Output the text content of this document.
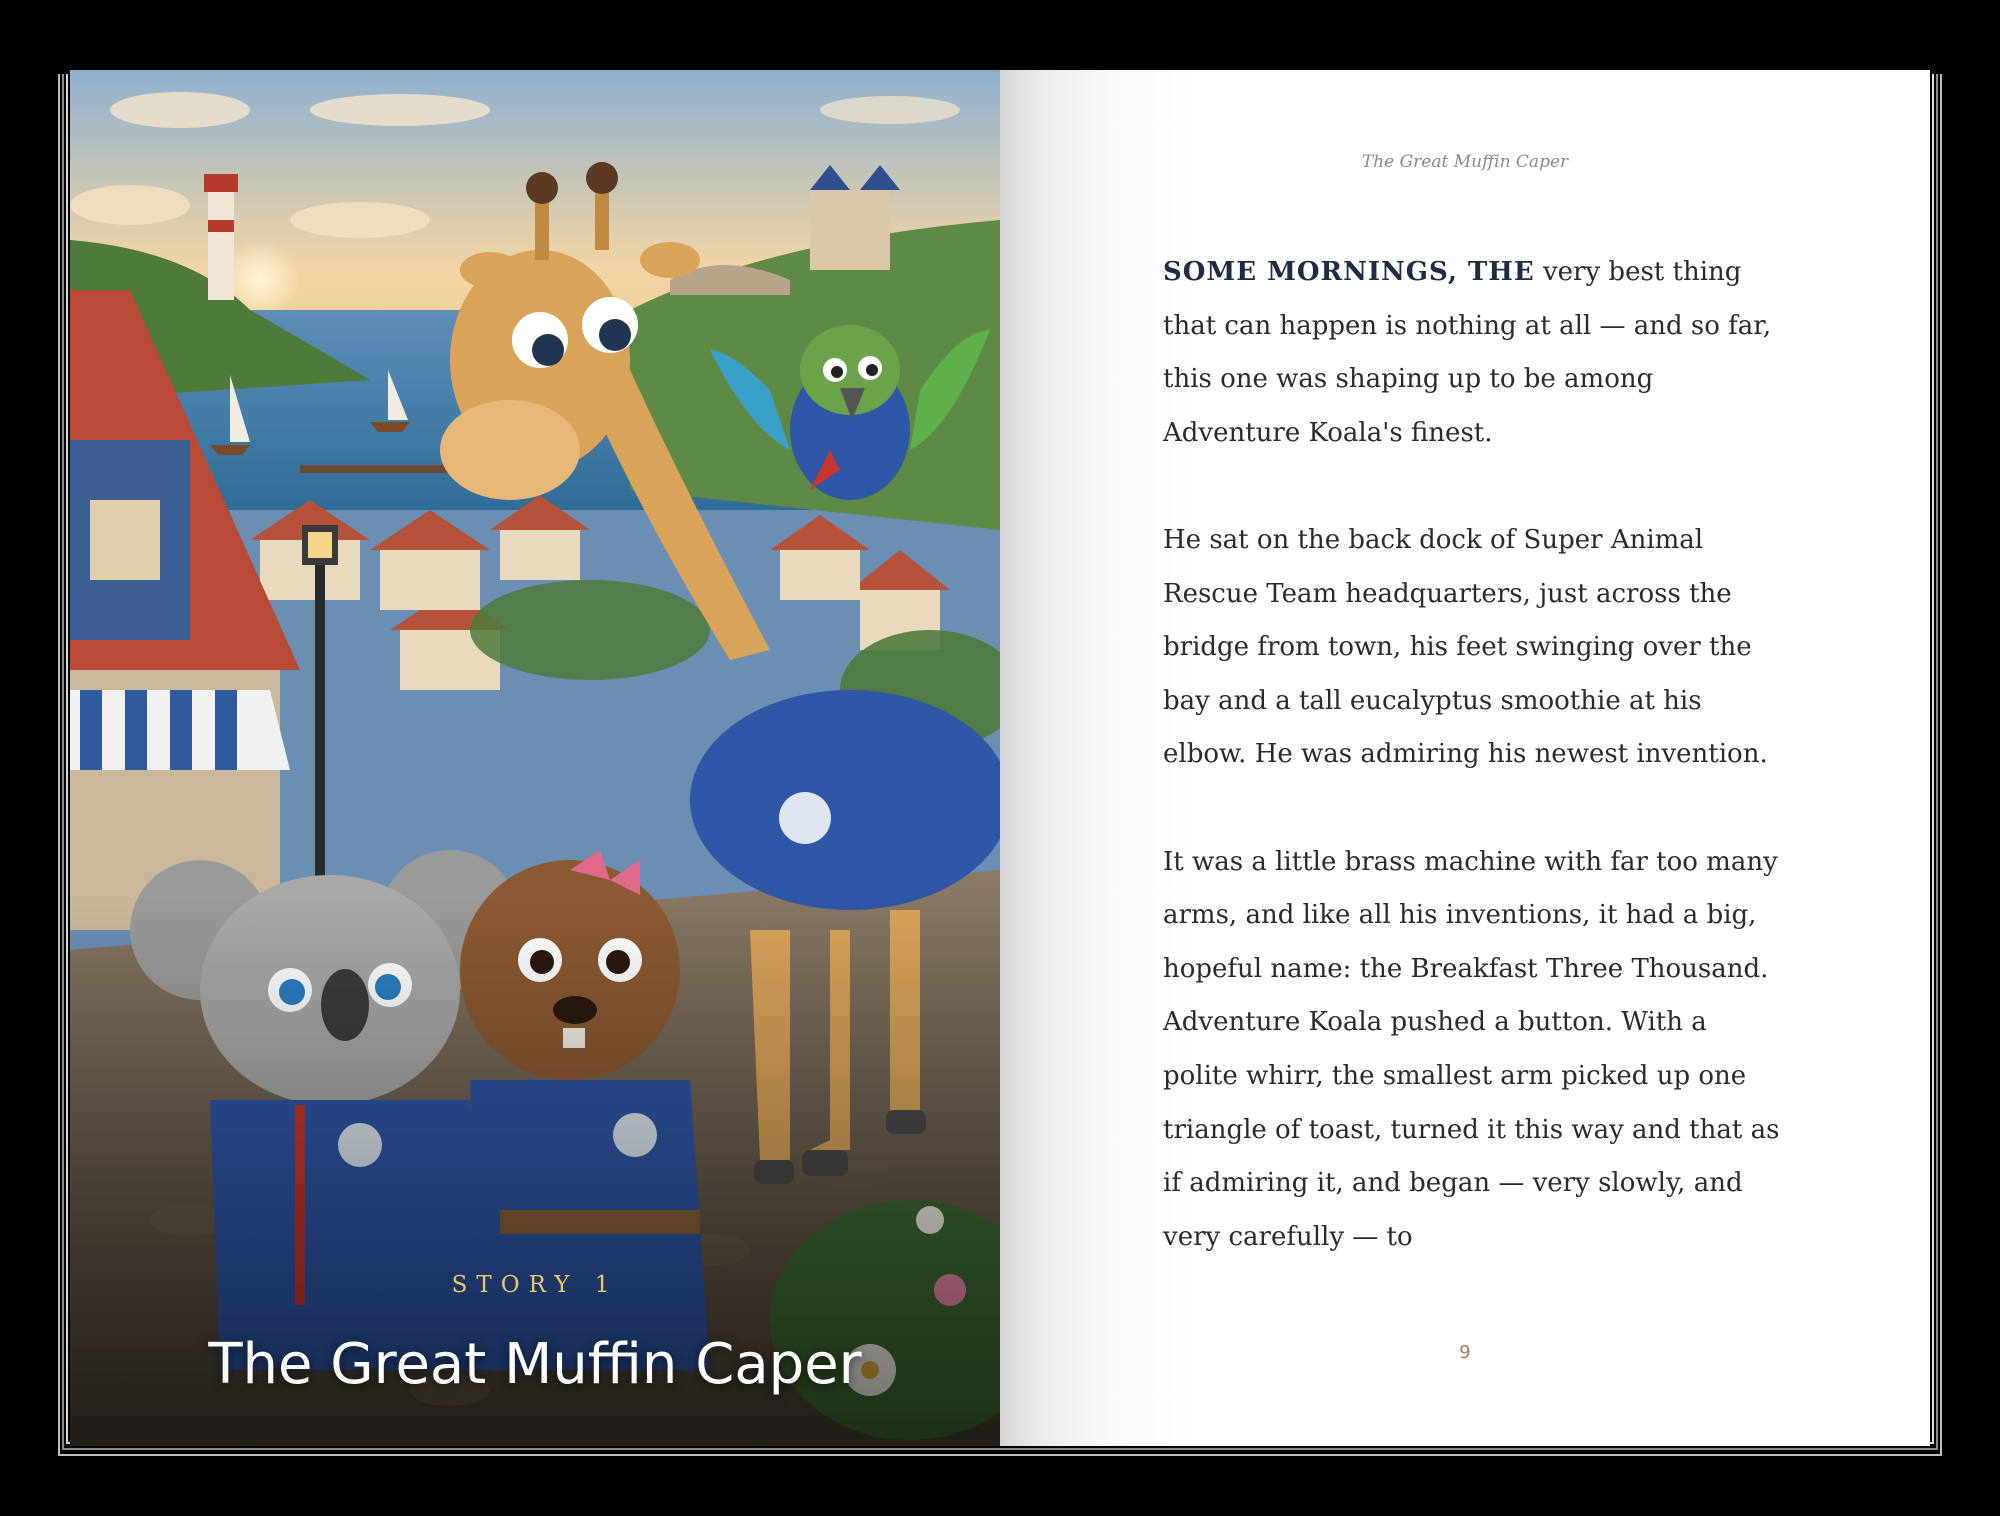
STORY 1
The Great Muffin Caper
The Great Muffin Caper

SOME MORNINGS, THE very best thing that can happen is nothing at all — and so far, this one was shaping up to be among Adventure Koala's finest.

He sat on the back dock of Super Animal Rescue Team headquarters, just across the bridge from town, his feet swinging over the bay and a tall eucalyptus smoothie at his elbow. He was admiring his newest invention.

It was a little brass machine with far too many arms, and like all his inventions, it had a big, hopeful name: the Breakfast Three Thousand. Adventure Koala pushed a button. With a polite whirr, the smallest arm picked up one triangle of toast, turned it this way and that as if admiring it, and began — very slowly, and very carefully — to

9
